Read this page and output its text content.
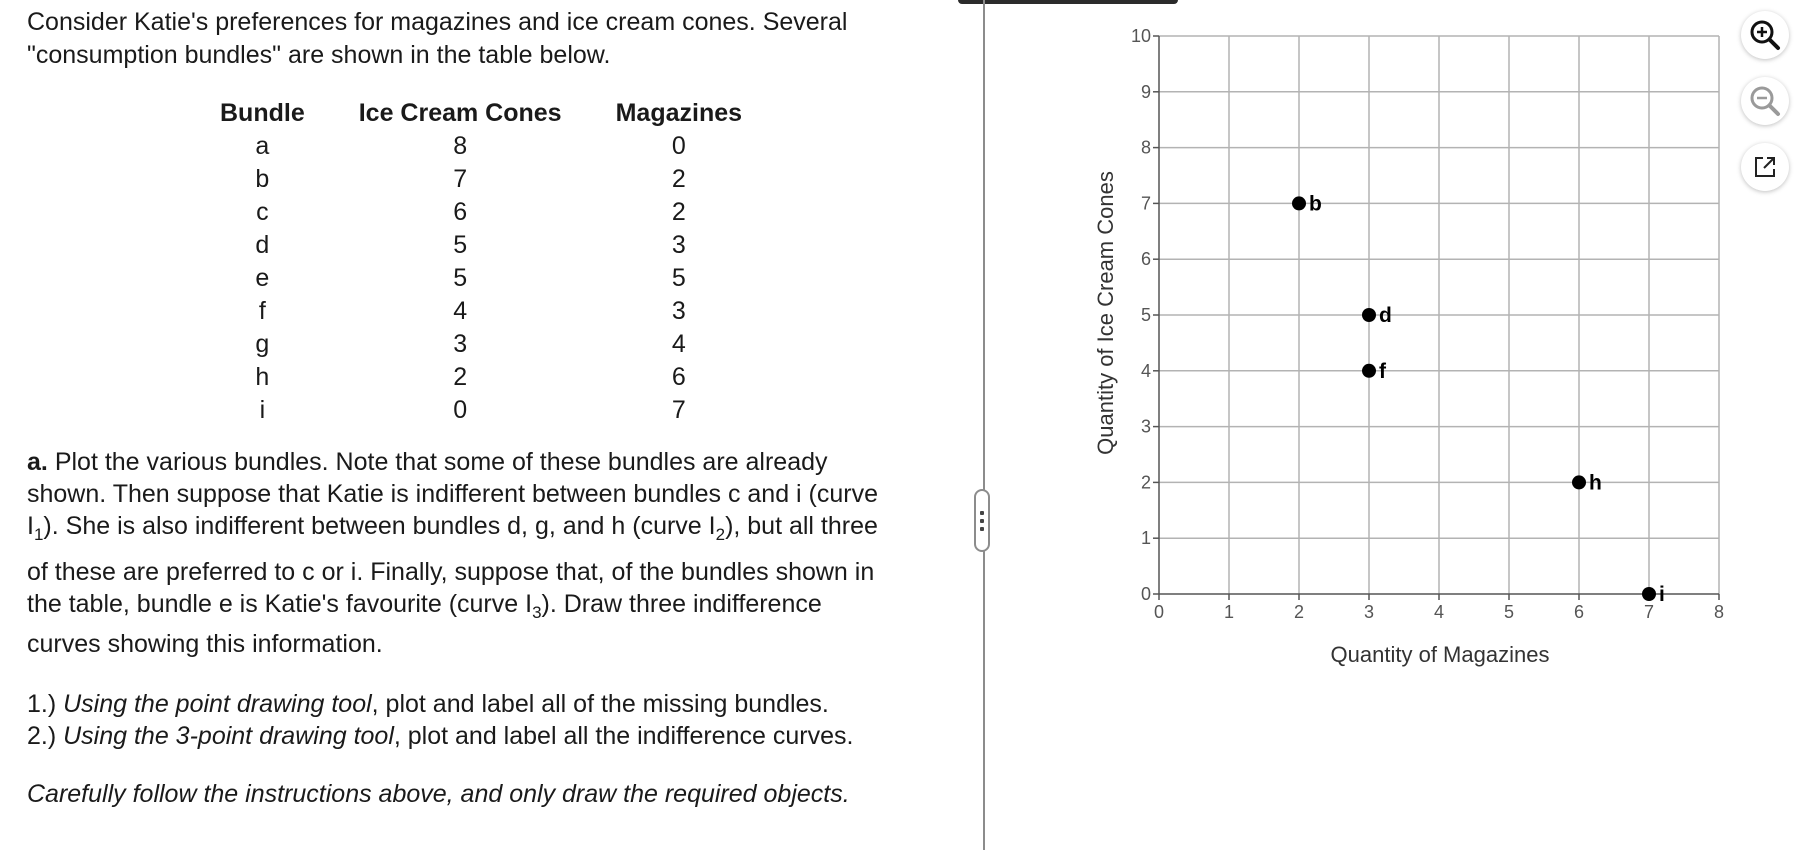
Consider Katie's preferences for magazines and ice cream cones. Several

"consumption bundles" are shown in the table below.

Bundle	Ice Cream Cones	Magazines
a	8	0
b	7	2
c	6	2
d	5	3
e	5	5
f	4	3
g	3	4
h	2	6
i	0	7
a. Plot the various bundles. Note that some of these bundles are already
shown. Then suppose that Katie is indifferent between bundles c and i (curve
$I_1$). She is also indifferent between bundles d, g, and h (curve $I_2$), but all three
of these are preferred to c or i. Finally, suppose that, of the bundles shown in
the table, bundle e is Katie's favourite (curve $I_3$). Draw three indifference
curves showing this information.
1.) Using the point drawing tool, plot and label all of the missing bundles.
2.) Using the 3-point drawing tool, plot and label all the indifference curves.
Carefully follow the instructions above, and only draw the required objects.
0	1	2	3	4	5	6	7	8
0
1
2
3
4
5
6
7
8
9
10
b
d
f
h
i
Quantity of Magazines
Quantity of Ice Cream Cones
